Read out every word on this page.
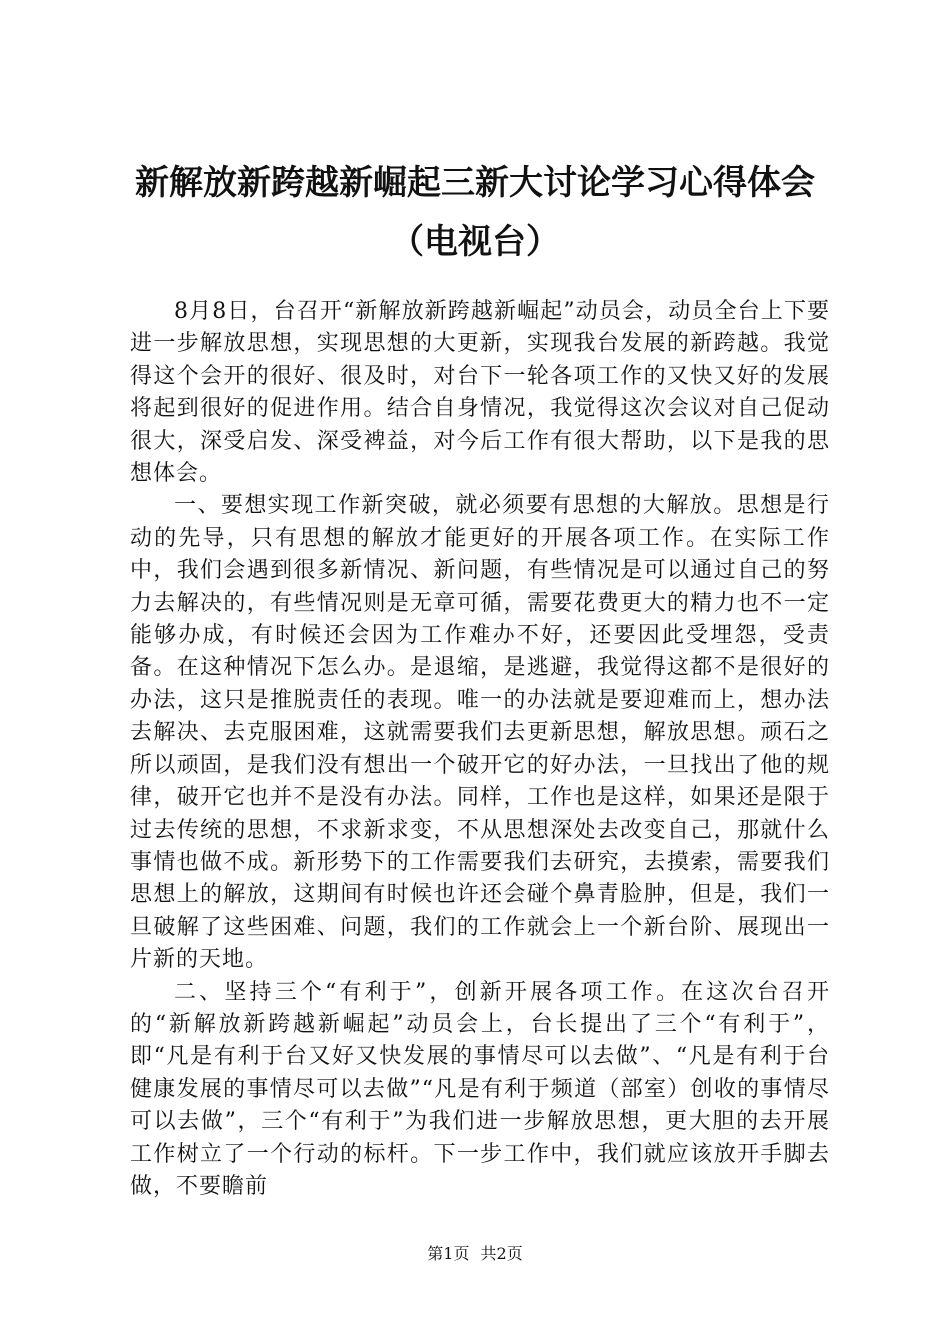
新解放新跨越新崛起三新大讨论学习心得体会
（电视台）

8月8日，台召开“新解放新跨越新崛起”动员会，动员全台上下要进一步解放思想，实现思想的大更新，实现我台发展的新跨越。我觉得这个会开的很好、很及时，对台下一轮各项工作的又快又好的发展将起到很好的促进作用。结合自身情况，我觉得这次会议对自己促动很大，深受启发、深受裨益，对今后工作有很大帮助，以下是我的思想体会。

一、要想实现工作新突破，就必须要有思想的大解放。思想是行动的先导，只有思想的解放才能更好的开展各项工作。在实际工作中，我们会遇到很多新情况、新问题，有些情况是可以通过自己的努力去解决的，有些情况则是无章可循，需要花费更大的精力也不一定能够办成，有时候还会因为工作难办不好，还要因此受埋怨，受责备。在这种情况下怎么办。是退缩，是逃避，我觉得这都不是很好的办法，这只是推脱责任的表现。唯一的办法就是要迎难而上，想办法去解决、去克服困难，这就需要我们去更新思想，解放思想。顽石之所以顽固，是我们没有想出一个破开它的好办法，一旦找出了他的规律，破开它也并不是没有办法。同样，工作也是这样，如果还是限于过去传统的思想，不求新求变，不从思想深处去改变自己，那就什么事情也做不成。新形势下的工作需要我们去研究，去摸索，需要我们思想上的解放，这期间有时候也许还会碰个鼻青脸肿，但是，我们一旦破解了这些困难、问题，我们的工作就会上一个新台阶、展现出一片新的天地。

二、坚持三个“有利于”，创新开展各项工作。在这次台召开的“新解放新跨越新崛起”动员会上，台长提出了三个“有利于”，即“凡是有利于台又好又快发展的事情尽可以去做”、“凡是有利于台健康发展的事情尽可以去做”“凡是有利于频道（部室）创收的事情尽可以去做”，三个“有利于”为我们进一步解放思想，更大胆的去开展工作树立了一个行动的标杆。下一步工作中，我们就应该放开手脚去做，不要瞻前

第1页 共2页
